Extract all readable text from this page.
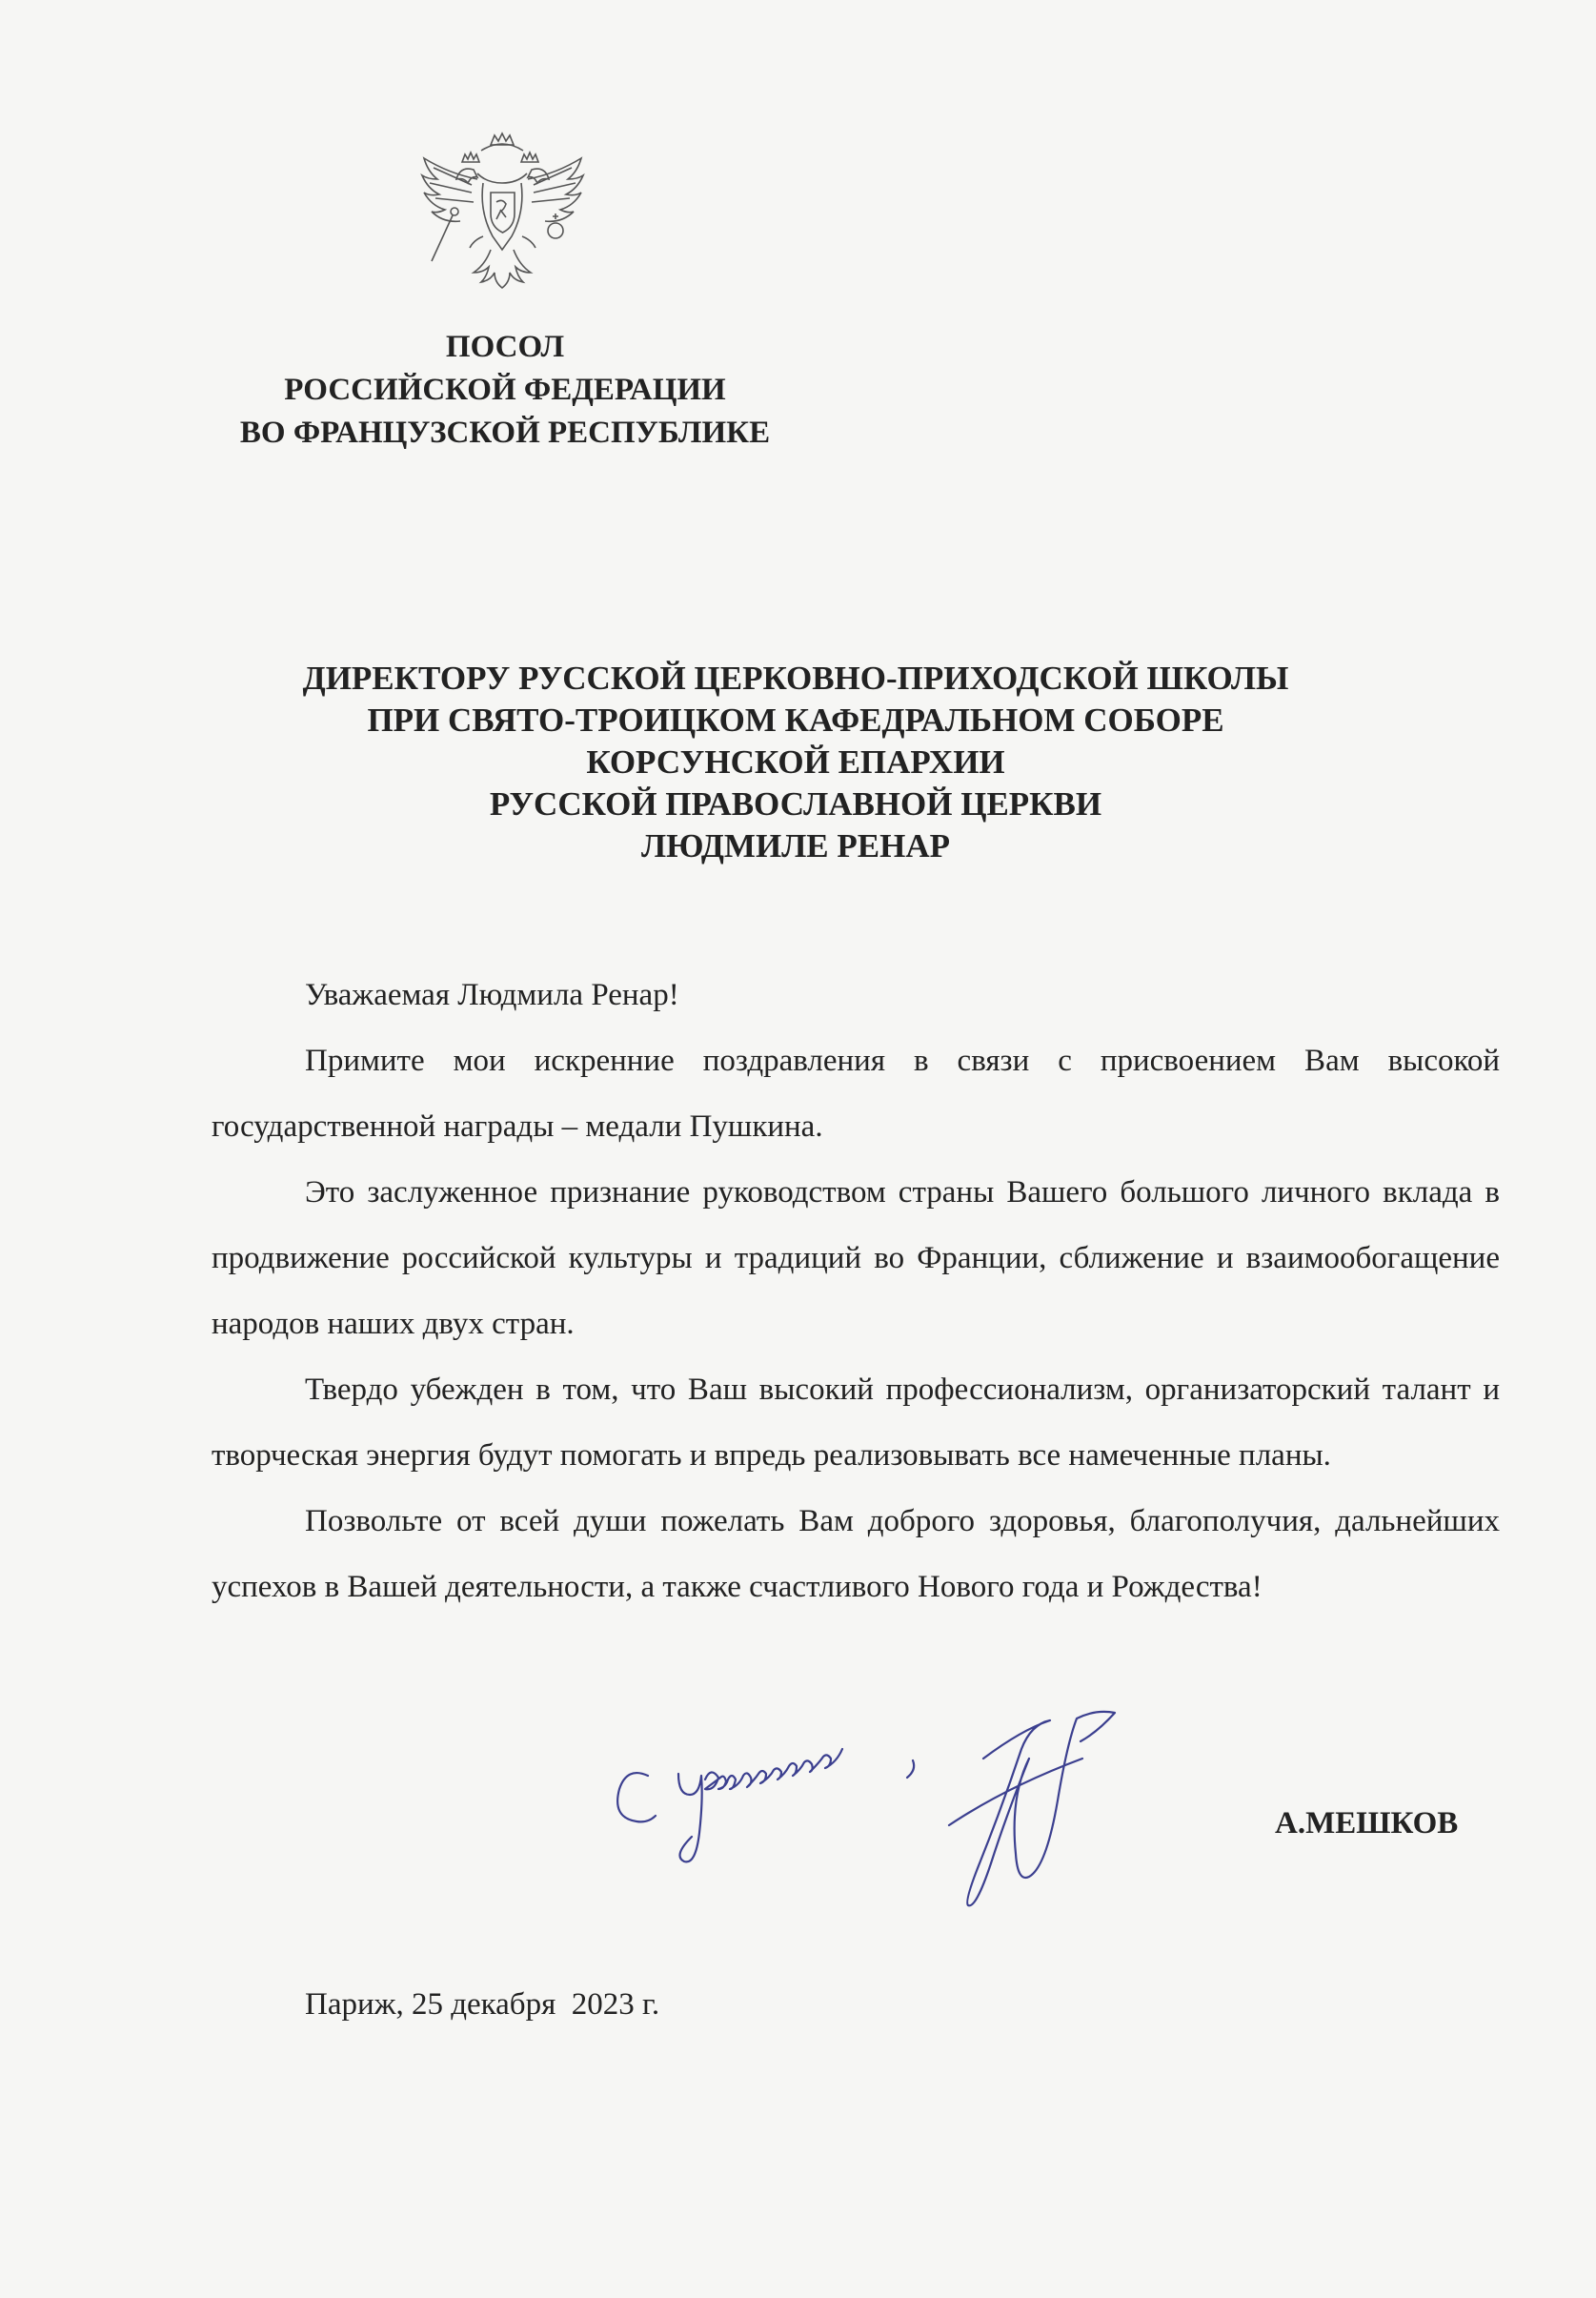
ПОСОЛ
РОССИЙСКОЙ ФЕДЕРАЦИИ
ВО ФРАНЦУЗСКОЙ РЕСПУБЛИКЕ
ДИРЕКТОРУ РУССКОЙ ЦЕРКОВНО-ПРИХОДСКОЙ ШКОЛЫ
ПРИ СВЯТО-ТРОИЦКОМ КАФЕДРАЛЬНОМ СОБОРЕ
КОРСУНСКОЙ ЕПАРХИИ
РУССКОЙ ПРАВОСЛАВНОЙ ЦЕРКВИ
ЛЮДМИЛЕ РЕНАР

Уважаемая Людмила Ренар!

Примите мои искренние поздравления в связи с присвоением Вам высокой государственной награды – медали Пушкина.

Это заслуженное признание руководством страны Вашего большого личного вклада в продвижение российской культуры и традиций во Франции, сближение и взаимообогащение народов наших двух стран.

Твердо убежден в том, что Ваш высокий профессионализм, организаторский талант и творческая энергия будут помогать и впредь реализовывать все намеченные планы.

Позвольте от всей души пожелать Вам доброго здоровья, благополучия, дальнейших успехов в Вашей деятельности, а также счастливого Нового года и Рождества!

А.МЕШКОВ
Париж, 25 декабря  2023 г.
